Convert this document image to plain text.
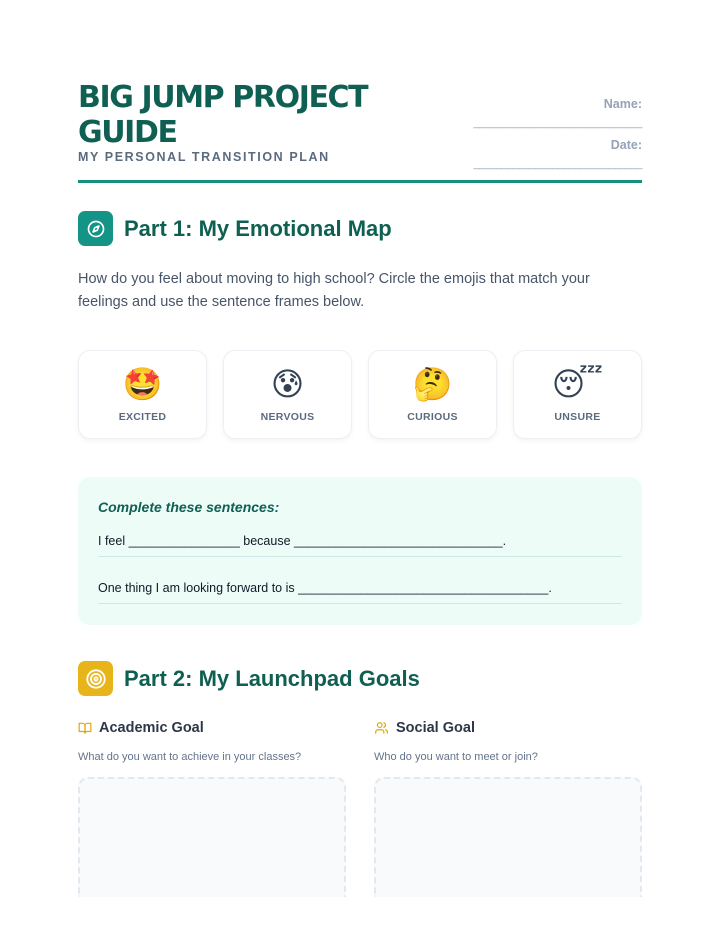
BIG JUMP PROJECT GUIDE
MY PERSONAL TRANSITION PLAN
Name:
______________________________
Date:
______________________________
Part 1: My Emotional Map
How do you feel about moving to high school? Circle the emojis that match your feelings and use the sentence frames below.
🤩
EXCITED
😰
NERVOUS
🤔
CURIOUS
😴
UNSURE
Complete these sentences:
I feel ________________ because ______________________________.
One thing I am looking forward to is ____________________________________.
Part 2: My Launchpad Goals
Academic Goal
What do you want to achieve in your classes?
Social Goal
Who do you want to meet or join?
